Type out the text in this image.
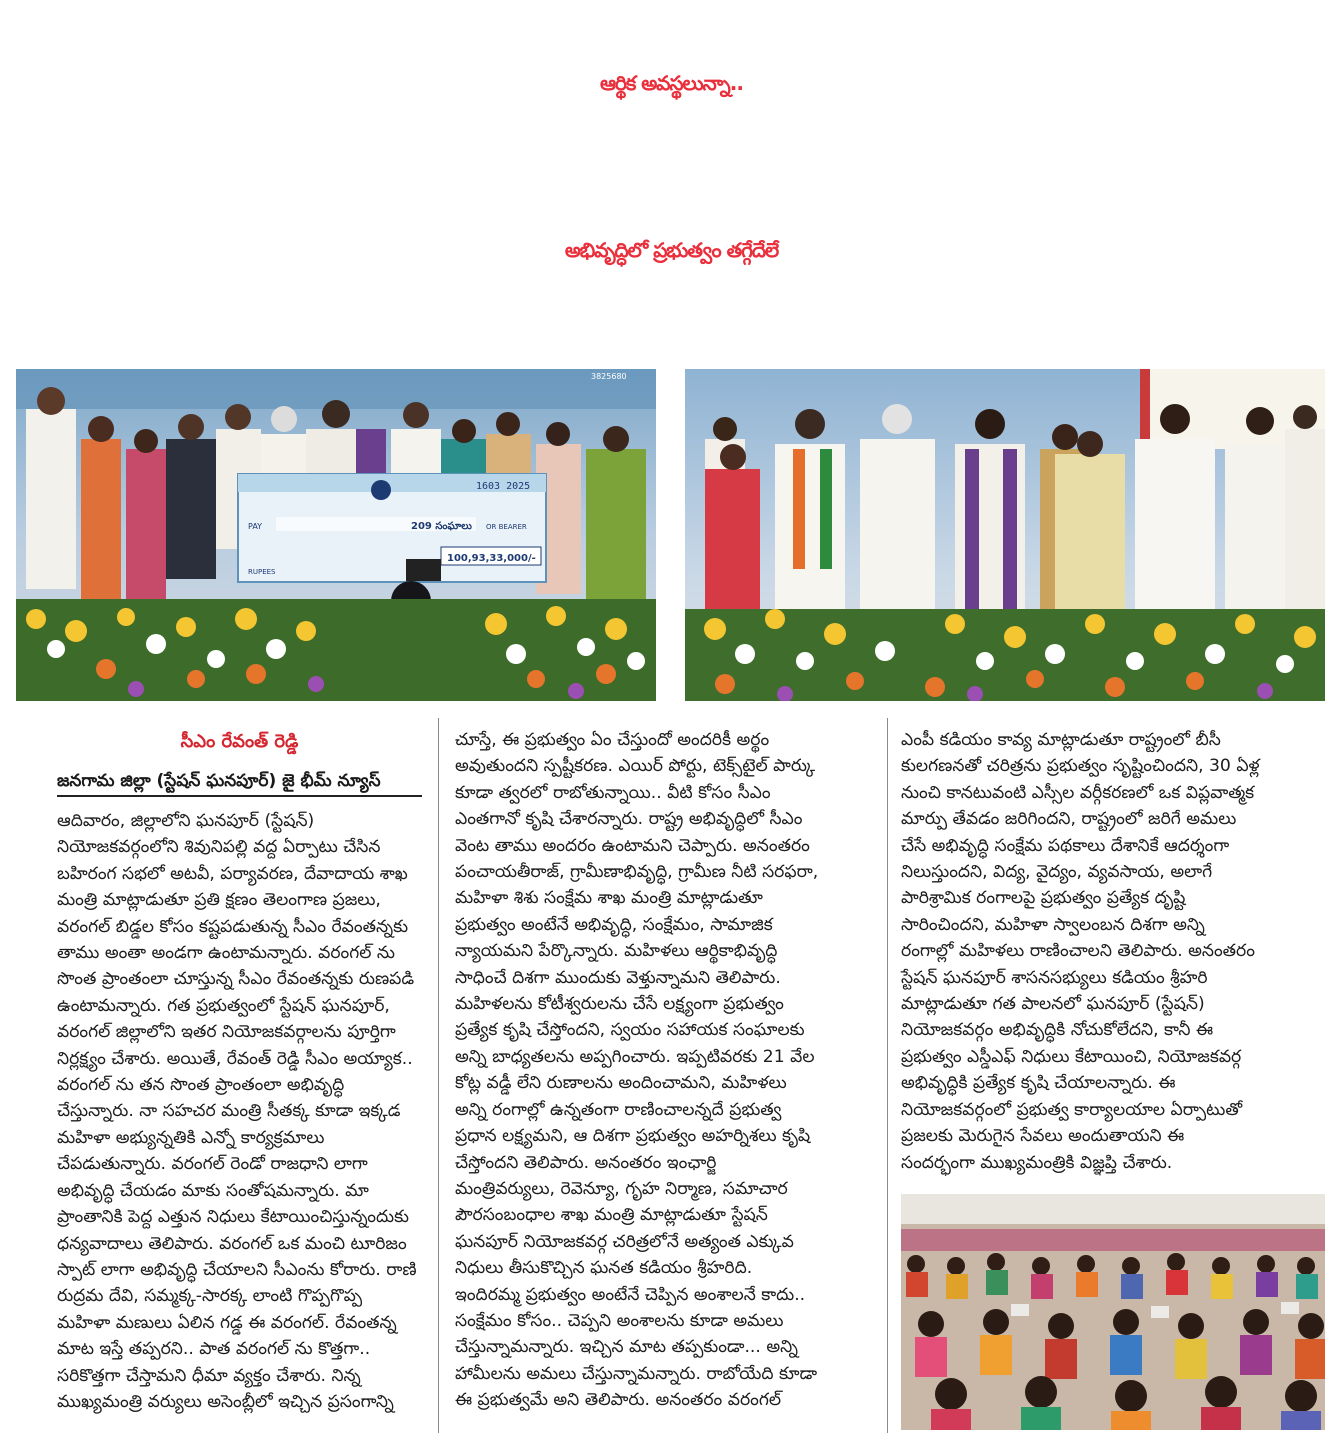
ఆర్థిక అవస్థలున్నా..
అభివృద్ధిలో ప్రభుత్వం తగ్గేదేలే
1603 2025
PAY	209 సంఘాలు OR BEARER
RUPEES
100,93,33,000/-
3825680
సీఎం రేవంత్ రెడ్డి
జనగామ జిల్లా (స్టేషన్ ఘనపూర్) జై భీమ్ న్యూస్

ఆదివారం, జిల్లాలోని ఘనపూర్ (స్టేషన్)

నియోజకవర్గంలోని శివునిపల్లి వద్ద ఏర్పాటు చేసిన

బహిరంగ సభలో అటవీ, పర్యావరణ, దేవాదాయ శాఖ

మంత్రి మాట్లాడుతూ ప్రతి క్షణం తెలంగాణ ప్రజలు,

వరంగల్ బిడ్డల కోసం కష్టపడుతున్న సీఎం రేవంతన్నకు

తాము అంతా అండగా ఉంటామన్నారు. వరంగల్ ను

సొంత ప్రాంతంలా చూస్తున్న సీఎం రేవంతన్నకు రుణపడి

ఉంటామన్నారు. గత ప్రభుత్వంలో స్టేషన్ ఘనపూర్,

వరంగల్ జిల్లాలోని ఇతర నియోజకవర్గాలను పూర్తిగా

నిర్లక్ష్యం చేశారు. అయితే, రేవంత్ రెడ్డి సీఎం అయ్యాక..

వరంగల్ ను తన సొంత ప్రాంతంలా అభివృద్ధి

చేస్తున్నారు. నా సహచర మంత్రి సీతక్క కూడా ఇక్కడ

మహిళా అభ్యున్నతికి ఎన్నో కార్యక్రమాలు

చేపడుతున్నారు. వరంగల్ రెండో రాజధాని లాగా

అభివృద్ధి చేయడం మాకు సంతోషమన్నారు. మా

ప్రాంతానికి పెద్ద ఎత్తున నిధులు కేటాయించిస్తున్నందుకు

ధన్యవాదాలు తెలిపారు. వరంగల్ ఒక మంచి టూరిజం

స్పాట్ లాగా అభివృద్ధి చేయాలని సీఎంను కోరారు. రాణి

రుద్రమ దేవి, సమ్మక్క-సారక్క లాంటి గొప్పగొప్ప

మహిళా మణులు ఏలిన గడ్డ ఈ వరంగల్. రేవంతన్న

మాట ఇస్తే తప్పరని.. పాత వరంగల్ ను కొత్తగా..

సరికొత్తగా చేస్తామని ధీమా వ్యక్తం చేశారు. నిన్న

ముఖ్యమంత్రి వర్యులు అసెంబ్లీలో ఇచ్చిన ప్రసంగాన్ని

చూస్తే, ఈ ప్రభుత్వం ఏం చేస్తుందో అందరికీ అర్థం

అవుతుందని స్పష్టీకరణ. ఎయిర్ పోర్టు, టెక్స్‌టైల్ పార్కు

కూడా త్వరలో రాబోతున్నాయి.. వీటి కోసం సీఎం

ఎంతగానో కృషి చేశారన్నారు. రాష్ట్ర అభివృద్ధిలో సీఎం

వెంట తాము అందరం ఉంటామని చెప్పారు. అనంతరం

పంచాయతీరాజ్, గ్రామీణాభివృద్ధి, గ్రామీణ నీటి సరఫరా,

మహిళా శిశు సంక్షేమ శాఖ మంత్రి మాట్లాడుతూ

ప్రభుత్వం అంటేనే అభివృద్ధి, సంక్షేమం, సామాజిక

న్యాయమని పేర్కొన్నారు. మహిళలు ఆర్థికాభివృద్ధి

సాధించే దిశగా ముందుకు వెళ్తున్నామని తెలిపారు.

మహిళలను కోటీశ్వరులను చేసే లక్ష్యంగా ప్రభుత్వం

ప్రత్యేక కృషి చేస్తోందని, స్వయం సహాయక సంఘాలకు

అన్ని బాధ్యతలను అప్పగించారు. ఇప్పటివరకు 21 వేల

కోట్ల వడ్డీ లేని రుణాలను అందించామని, మహిళలు

అన్ని రంగాల్లో ఉన్నతంగా రాణించాలన్నదే ప్రభుత్వ

ప్రధాన లక్ష్యమని, ఆ దిశగా ప్రభుత్వం అహర్నిశలు కృషి

చేస్తోందని తెలిపారు. అనంతరం ఇంఛార్జి

మంత్రివర్యులు, రెవెన్యూ, గృహ నిర్మాణ, సమాచార

పౌరసంబంధాల శాఖ మంత్రి మాట్లాడుతూ స్టేషన్

ఘనపూర్ నియోజకవర్గ చరిత్రలోనే అత్యంత ఎక్కువ

నిధులు తీసుకొచ్చిన ఘనత కడియం శ్రీహరిది.

ఇందిరమ్మ ప్రభుత్వం అంటేనే చెప్పిన అంశాలనే కాదు..

సంక్షేమం కోసం.. చెప్పని అంశాలను కూడా అమలు

చేస్తున్నామన్నారు. ఇచ్చిన మాట తప్పకుండా... అన్ని

హామీలను అమలు చేస్తున్నామన్నారు. రాబోయేది కూడా

ఈ ప్రభుత్వమే అని తెలిపారు. అనంతరం వరంగల్

ఎంపీ కడియం కావ్య మాట్లాడుతూ రాష్ట్రంలో బీసీ

కులగణనతో చరిత్రను ప్రభుత్వం సృష్టించిందని, 30 ఏళ్ల

నుంచి కానటువంటి ఎస్సీల వర్గీకరణలో ఒక విప్లవాత్మక

మార్పు తేవడం జరిగిందని, రాష్ట్రంలో జరిగే అమలు

చేసే అభివృద్ధి సంక్షేమ పథకాలు దేశానికే ఆదర్శంగా

నిలుస్తుందని, విద్య, వైద్యం, వ్యవసాయ, అలాగే

పారిశ్రామిక రంగాలపై ప్రభుత్వం ప్రత్యేక దృష్టి

సారించిందని, మహిళా స్వాలంబన దిశగా అన్ని

రంగాల్లో మహిళలు రాణించాలని తెలిపారు. అనంతరం

స్టేషన్ ఘనపూర్ శాసనసభ్యులు కడియం శ్రీహరి

మాట్లాడుతూ గత పాలనలో ఘనపూర్ (స్టేషన్)

నియోజకవర్గం అభివృద్ధికి నోచుకోలేదని, కానీ ఈ

ప్రభుత్వం ఎస్డీఎఫ్ నిధులు కేటాయించి, నియోజకవర్గ

అభివృద్ధికి ప్రత్యేక కృషి చేయాలన్నారు. ఈ

నియోజకవర్గంలో ప్రభుత్వ కార్యాలయాల ఏర్పాటుతో

ప్రజలకు మెరుగైన సేవలు అందుతాయని ఈ

సందర్భంగా ముఖ్యమంత్రికి విజ్ఞప్తి చేశారు.
